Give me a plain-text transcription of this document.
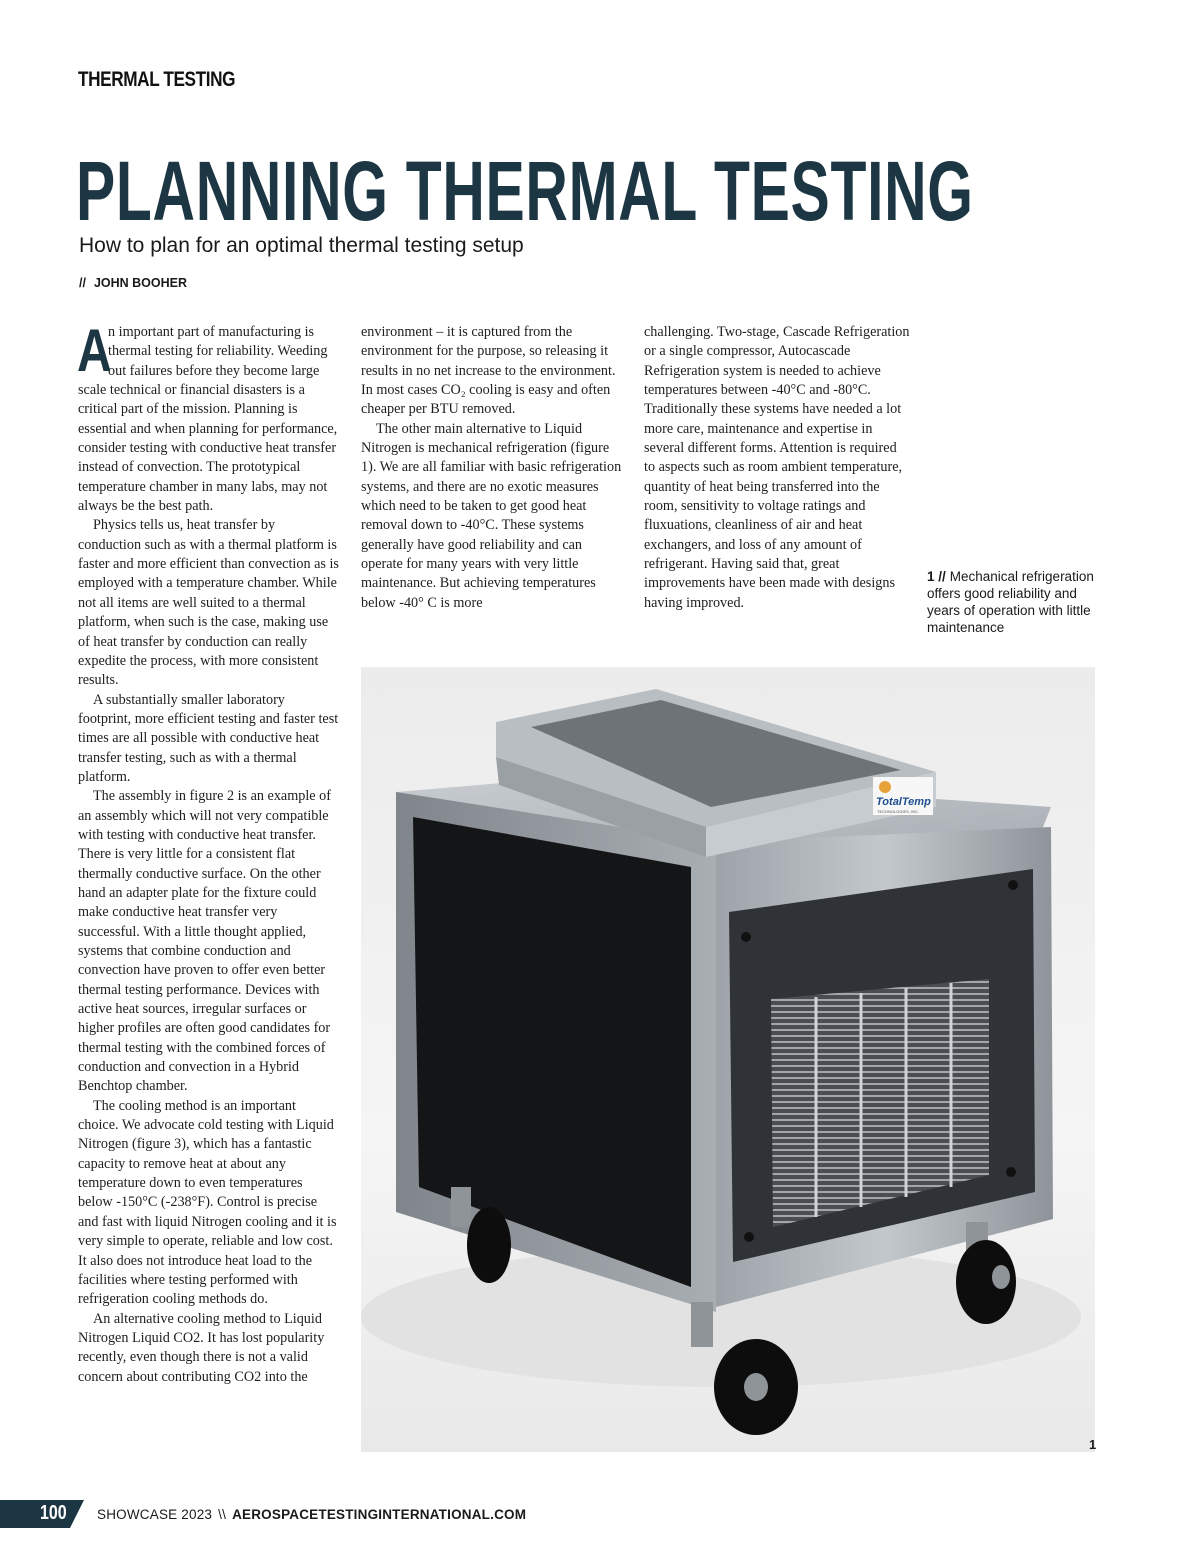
THERMAL TESTING
PLANNING THERMAL TESTING
How to plan for an optimal thermal testing setup
// JOHN BOOHER

A
n important part of manufacturing is thermal testing for reliability. Weeding out failures before they become large scale technical or financial disasters is a critical part of the mission. Planning is essential and when planning for performance, consider testing with conductive heat transfer instead of convection. The prototypical temperature chamber in many labs, may not always be the best path.

Physics tells us, heat transfer by conduction such as with a thermal platform is faster and more efficient than convection as is employed with a temperature chamber. While not all items are well suited to a thermal platform, when such is the case, making use of heat transfer by conduction can really expedite the process, with more consistent results.

A substantially smaller laboratory footprint, more efficient testing and faster test times are all possible with conductive heat transfer testing, such as with a thermal platform.

The assembly in figure 2 is an example of an assembly which will not very compatible with testing with conductive heat transfer. There is very little for a consistent flat thermally conductive surface. On the other hand an adapter plate for the fixture could make conductive heat transfer very successful. With a little thought applied, systems that combine conduction and convection have proven to offer even better thermal testing performance. Devices with active heat sources, irregular surfaces or higher profiles are often good candidates for thermal testing with the combined forces of conduction and convection in a Hybrid Benchtop chamber.

The cooling method is an important choice. We advocate cold testing with Liquid Nitrogen (figure 3), which has a fantastic capacity to remove heat at about any temperature down to even temperatures below -150°C (-238°F). Control is precise and fast with liquid Nitrogen cooling and it is very simple to operate, reliable and low cost. It also does not introduce heat load to the facilities where testing performed with refrigeration cooling methods do.

An alternative cooling method to Liquid Nitrogen Liquid CO2. It has lost popularity recently, even though there is not a valid concern about contributing CO2 into the

environment – it is captured from the environment for the purpose, so releasing it results in no net increase to the environment. In most cases CO₂ cooling is easy and often cheaper per BTU removed.

The other main alternative to Liquid Nitrogen is mechanical refrigeration (figure 1). We are all familiar with basic refrigeration systems, and there are no exotic measures which need to be taken to get good heat removal down to -40°C. These systems generally have good reliability and can operate for many years with very little maintenance. But achieving temperatures below -40° C is more

challenging. Two-stage, Cascade Refrigeration or a single compressor, Autocascade Refrigeration system is needed to achieve temperatures between -40°C and -80°C. Traditionally these systems have needed a lot more care, maintenance and expertise in several different forms. Attention is required to aspects such as room ambient temperature, quantity of heat being transferred into the room, sensitivity to voltage ratings and fluxuations, cleanliness of air and heat exchangers, and loss of any amount of refrigerant. Having said that, great improvements have been made with designs having improved.

1 // Mechanical refrigeration offers good reliability and years of operation with little maintenance
TotalTemp
TECHNOLOGIES, INC.
1
100 SHOWCASE 2023 \\ AEROSPACETESTINGINTERNATIONAL.COM
